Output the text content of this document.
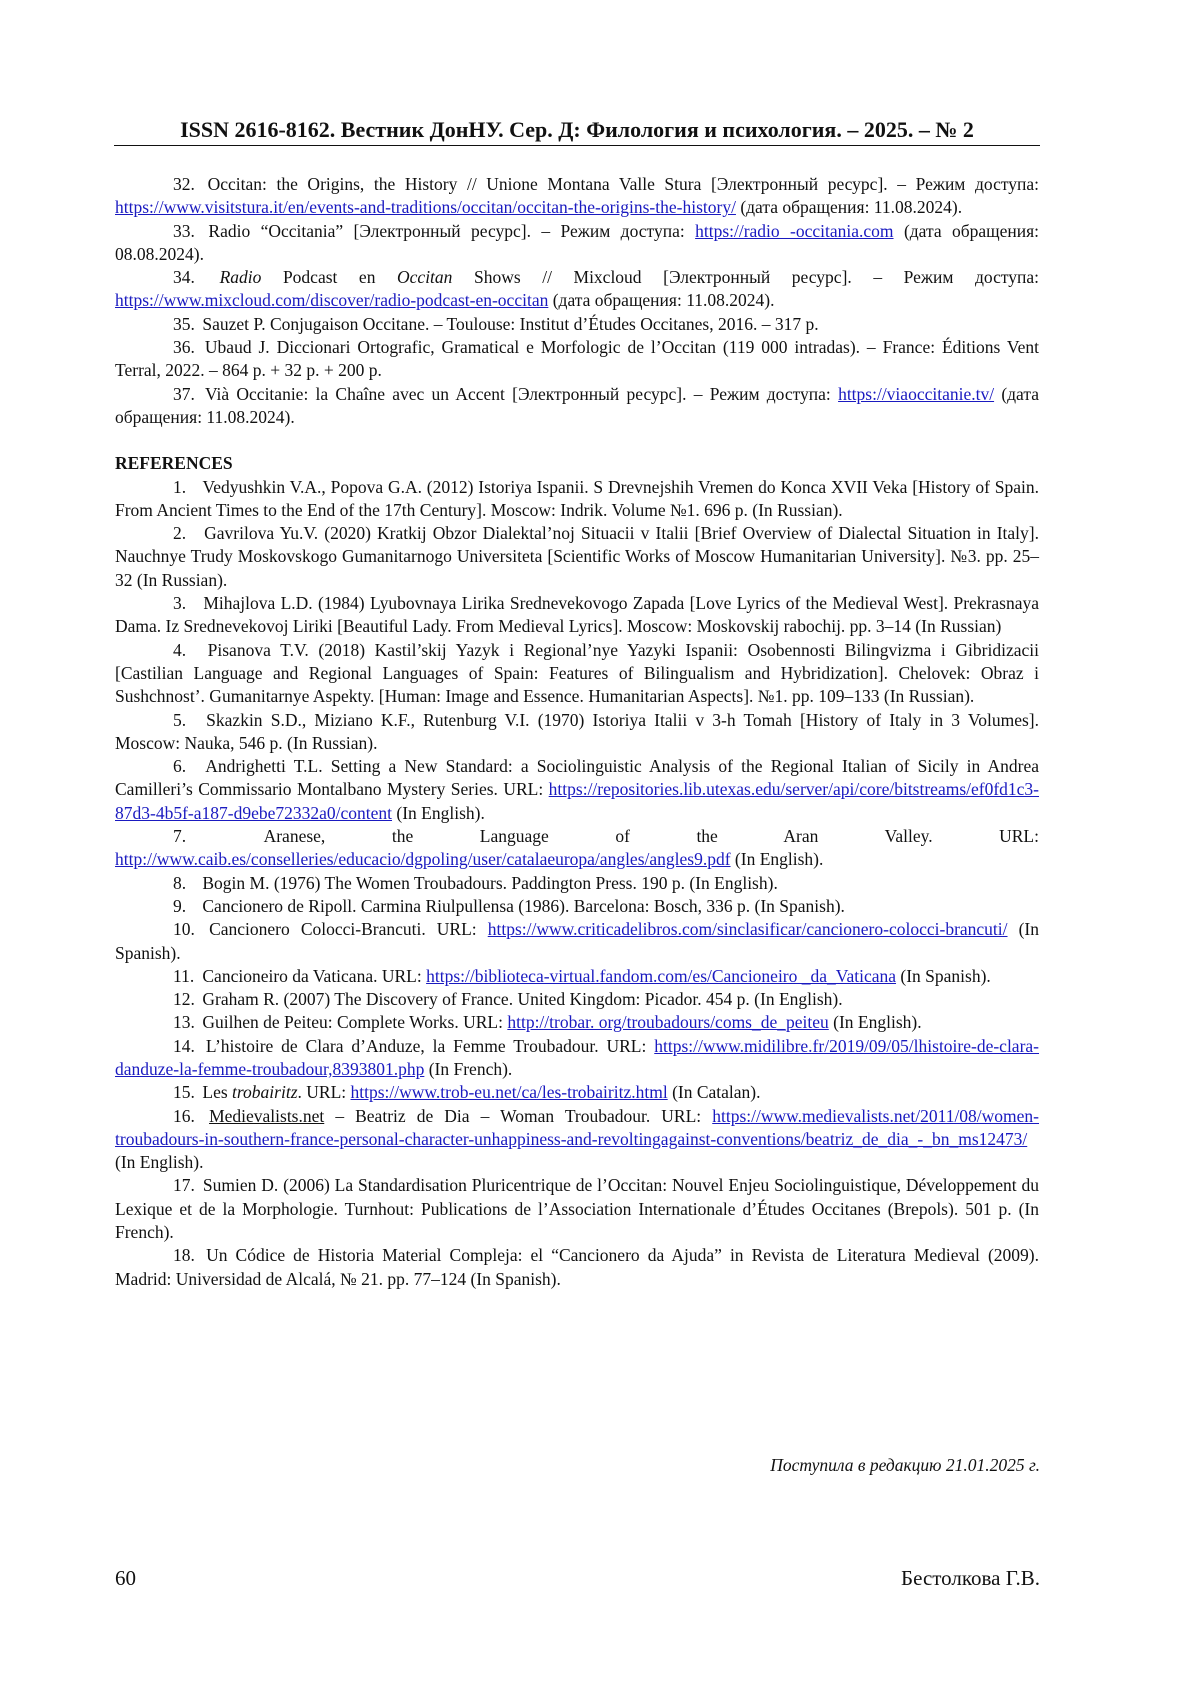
ISSN 2616-8162. Вестник ДонНУ. Сер. Д: Филология и психология. – 2025. – № 2

32. Occitan: the Origins, the History // Unione Montana Valle Stura [Электронный ресурс]. – Режим доступа: https://www.visitstura.it/en/events-and-traditions/occitan/occitan-the-origins-the-history/ (дата обращения: 11.08.2024).

33. Radio “Occitania” [Электронный ресурс]. – Режим доступа: https://radio -occitania.com (дата обращения: 08.08.2024).

34. Radio Podcast en Occitan Shows // Mixcloud [Электронный ресурс]. – Режим доступа: https://www.mixcloud.com/discover/radio-podcast-en-occitan (дата обращения: 11.08.2024).

35. Sauzet P. Conjugaison Occitane. – Toulouse: Institut d’Études Occitanes, 2016. – 317 p.

36. Ubaud J. Diccionari Ortografic, Gramatical e Morfologic de l’Occitan (119 000 intradas). – France: Éditions Vent Terral, 2022. – 864 p. + 32 p. + 200 p.

37. Vià Occitanie: la Chaîne avec un Accent [Электронный ресурс]. – Режим доступа: https://viaoccitanie.tv/ (дата обращения: 11.08.2024).

REFERENCES

1. Vedyushkin V.A., Popova G.A. (2012) Istoriya Ispanii. S Drevnejshih Vremen do Konca XVII Veka [History of Spain. From Ancient Times to the End of the 17th Century]. Moscow: Indrik. Volume №1. 696 p. (In Russian).

2. Gavrilova Yu.V. (2020) Kratkij Obzor Dialektal’noj Situacii v Italii [Brief Overview of Dialectal Situation in Italy]. Nauchnye Trudy Moskovskogo Gumanitarnogo Universiteta [Scientific Works of Moscow Humanitarian University]. №3. pp. 25–32 (In Russian).

3. Mihajlova L.D. (1984) Lyubovnaya Lirika Srednevekovogo Zapada [Love Lyrics of the Medieval West]. Prekrasnaya Dama. Iz Srednevekovoj Liriki [Beautiful Lady. From Medieval Lyrics]. Moscow: Moskovskij rabochij. pp. 3–14 (In Russian)

4. Pisanova T.V. (2018) Kastil’skij Yazyk i Regional’nye Yazyki Ispanii: Osobennosti Bilingvizma i Gibridizacii [Castilian Language and Regional Languages of Spain: Features of Bilingualism and Hybridization]. Chelovek: Obraz i Sushchnost’. Gumanitarnye Aspekty. [Human: Image and Essence. Humanitarian Aspects]. №1. pp. 109–133 (In Russian).

5. Skazkin S.D., Miziano K.F., Rutenburg V.I. (1970) Istoriya Italii v 3-h Tomah [History of Italy in 3 Volumes]. Moscow: Nauka, 546 p. (In Russian).

6. Andrighetti T.L. Setting a New Standard: a Sociolinguistic Analysis of the Regional Italian of Sicily in Andrea Camilleri’s Commissario Montalbano Mystery Series. URL: https://repositories.lib.utexas.edu/server/api/core/bitstreams/ef0fd1c3-87d3-4b5f-a187-d9ebe72332a0/content (In English).

7.	Aranese, the Language of the Aran Valley. URL: http://www.caib.es/conselleries/educacio/dgpoling/user/catalaeuropa/angles/angles9.pdf (In English).

8. Bogin M. (1976) The Women Troubadours. Paddington Press. 190 p. (In English).

9. Cancionero de Ripoll. Carmina Riulpullensa (1986). Barcelona: Bosch, 336 p. (In Spanish).

10. Cancionero Colocci-Brancuti. URL: https://www.criticadelibros.com/sinclasificar/cancionero-colocci-brancuti/ (In Spanish).

11. Cancioneiro da Vaticana. URL: https://biblioteca-virtual.fandom.com/es/Cancioneiro _da_Vaticana (In Spanish).

12. Graham R. (2007) The Discovery of France. United Kingdom: Picador. 454 p. (In English).

13. Guilhen de Peiteu: Complete Works. URL: http://trobar. org/troubadours/coms_de_peiteu (In English).

14. L’histoire de Clara d’Anduze, la Femme Troubadour. URL: https://www.midilibre.fr/2019/09/05/lhistoire-de-clara-danduze-la-femme-troubadour,8393801.php (In French).

15. Les trobairitz. URL: https://www.trob-eu.net/ca/les-trobairitz.html (In Catalan).

16. Medievalists.net – Beatriz de Dia – Woman Troubadour. URL: https://www.medievalists.net/2011/08/women-troubadours-in-southern-france-personal-character-unhappiness-and-revoltingagainst-conventions/beatriz_de_dia_-_bn_ms12473/ (In English).

17. Sumien D. (2006) La Standardisation Pluricentrique de l’Occitan: Nouvel Enjeu Sociolinguistique, Développement du Lexique et de la Morphologie. Turnhout: Publications de l’Association Internationale d’Études Occitanes (Brepols). 501 p. (In French).

18. Un Códice de Historia Material Compleja: el “Cancionero da Ajuda” in Revista de Literatura Medieval (2009). Madrid: Universidad de Alcalá, № 21. pp. 77–124 (In Spanish).

Поступила в редакцию 21.01.2025 г.
60	Бестолкова Г.В.
